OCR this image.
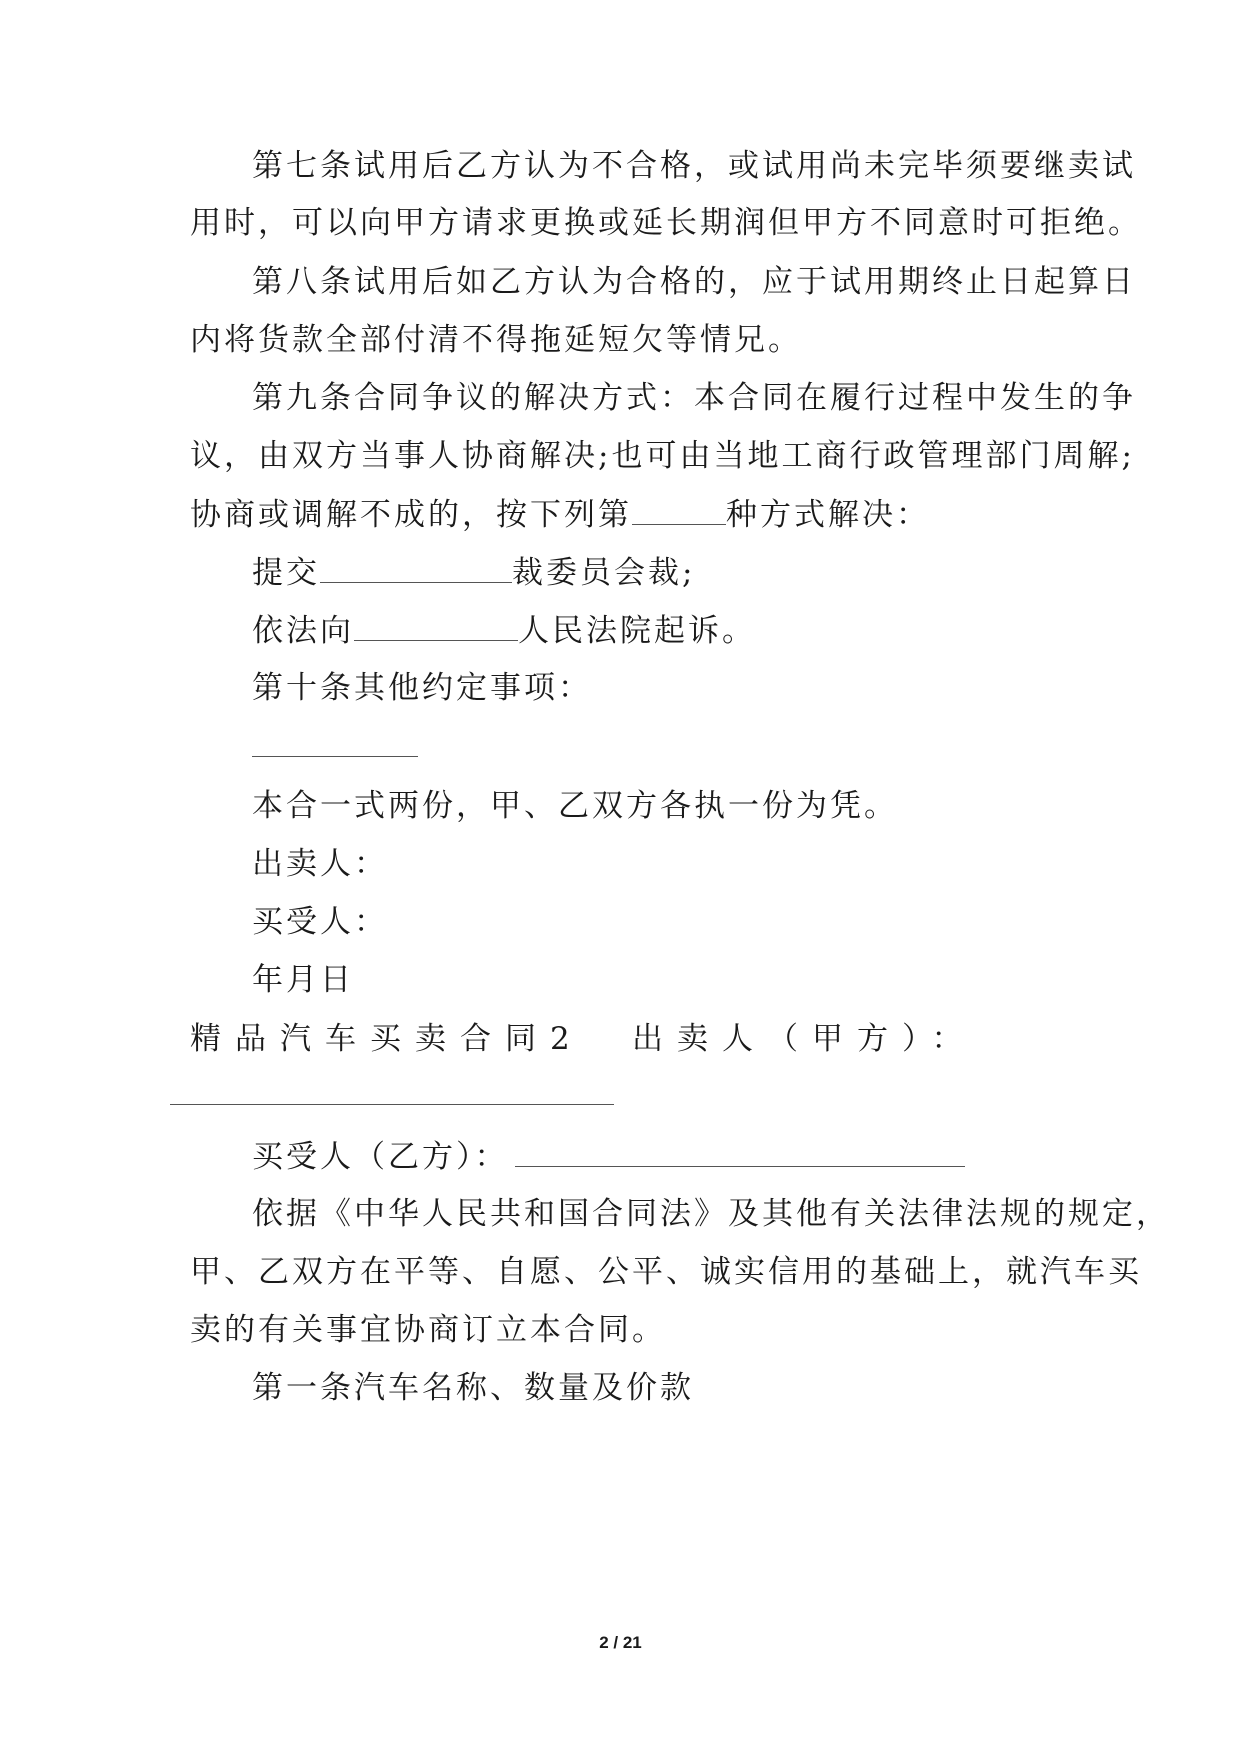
第七条试用后乙方认为不合格，或试用尚未完毕须要继卖试
用时，可以向甲方请求更换或延长期润但甲方不同意时可拒绝。
第八条试用后如乙方认为合格的，应于试用期终止日起算日
内将货款全部付清不得拖延短欠等情兄。
第九条合同争议的解决方式：本合同在履行过程中发生的争
议，由双方当事人协商解决;也可由当地工商行政管理部门周解;
协商或调解不成的，按下列第	种方式解决：
提交	裁委员会裁;
依法向	人民法院起诉。
第十条其他约定事项：
本合一式两份，甲、乙双方各执一份为凭。
出卖人：
买受人：
年月日
精品汽车买卖合同2	出卖人（甲方）：
买受人（乙方）：
依据《中华人民共和国合同法》及其他有关法律法规的规定，
甲、乙双方在平等、自愿、公平、诚实信用的基础上，就汽车买
卖的有关事宜协商订立本合同。
第一条汽车名称、数量及价款
2 / 21
